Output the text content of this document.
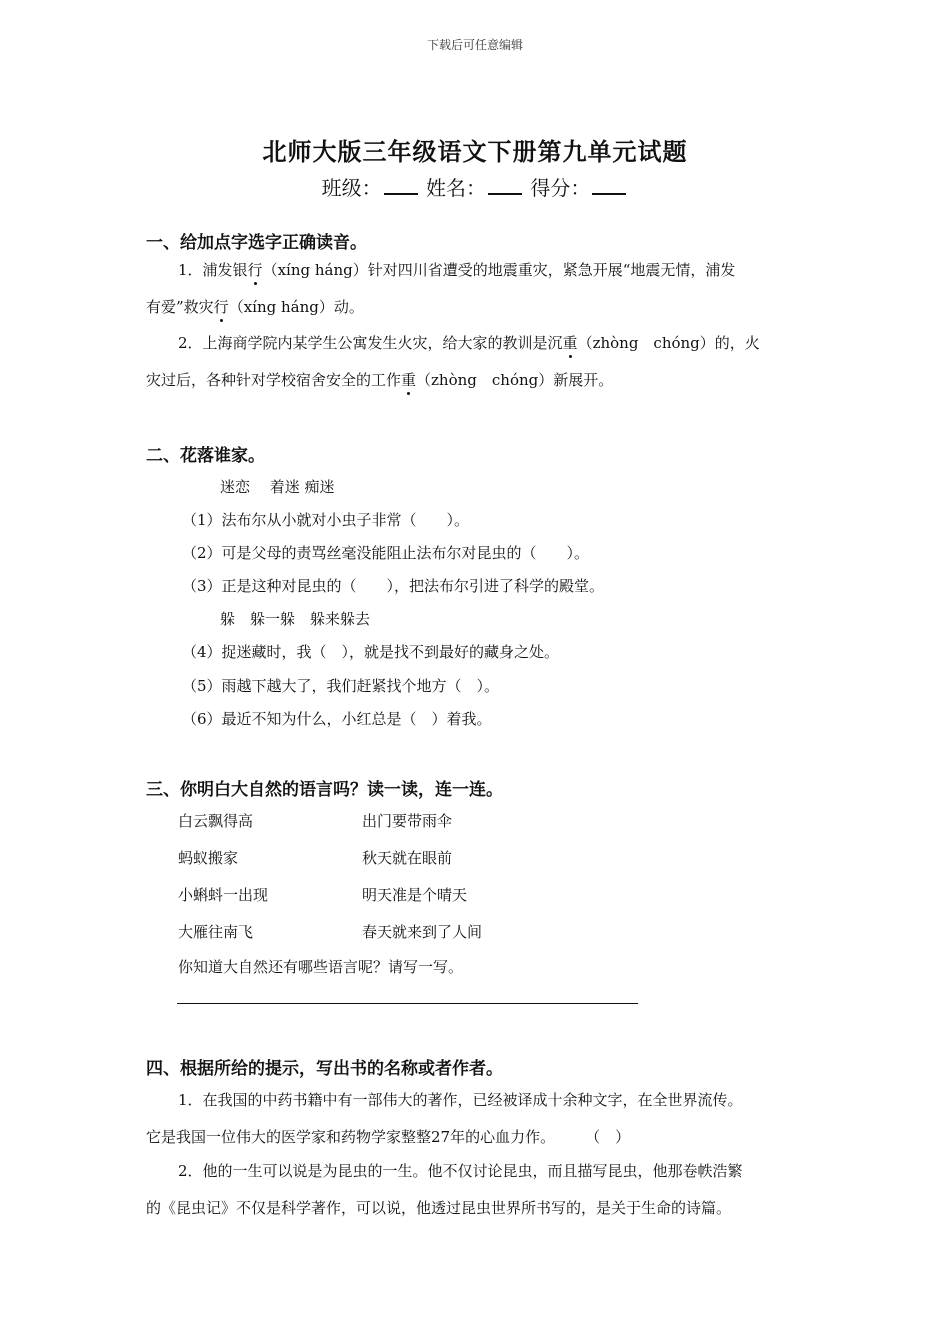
下载后可任意编辑
北师大版三年级语文下册第九单元试题
班级： 姓名： 得分：
一、给加点字选字正确读音。
1．浦发银行（xíng háng）针对四川省遭受的地震重灾，紧急开展“地震无情，浦发
有爱”救灾行（xíng háng）动。
2．上海商学院内某学生公寓发生火灾，给大家的教训是沉重（zhòng　chóng）的，火
灾过后，各种针对学校宿舍安全的工作重（zhòng　chóng）新展开。
二、花落谁家。
迷恋　 着迷 痴迷
（1）法布尔从小就对小虫子非常（　　）。
（2）可是父母的责骂丝毫没能阻止法布尔对昆虫的（　　）。
（3）正是这种对昆虫的（　　），把法布尔引进了科学的殿堂。
躲　躲一躲　躲来躲去
（4）捉迷藏时，我（　），就是找不到最好的藏身之处。
（5）雨越下越大了，我们赶紧找个地方（　）。
（6）最近不知为什么，小红总是（　）着我。
三、你明白大自然的语言吗？读一读，连一连。
白云飘得高	出门要带雨伞
蚂蚁搬家	秋天就在眼前
小蝌蚪一出现	明天准是个晴天
大雁往南飞	春天就来到了人间
你知道大自然还有哪些语言呢？请写一写。
四、根据所给的提示，写出书的名称或者作者。
1．在我国的中药书籍中有一部伟大的著作，已经被译成十余种文字，在全世界流传。
它是我国一位伟大的医学家和药物学家整整27年的心血力作。　　　（　）
2．他的一生可以说是为昆虫的一生。他不仅讨论昆虫，而且描写昆虫，他那卷帙浩繁
的《昆虫记》不仅是科学著作，可以说，他透过昆虫世界所书写的，是关于生命的诗篇。
